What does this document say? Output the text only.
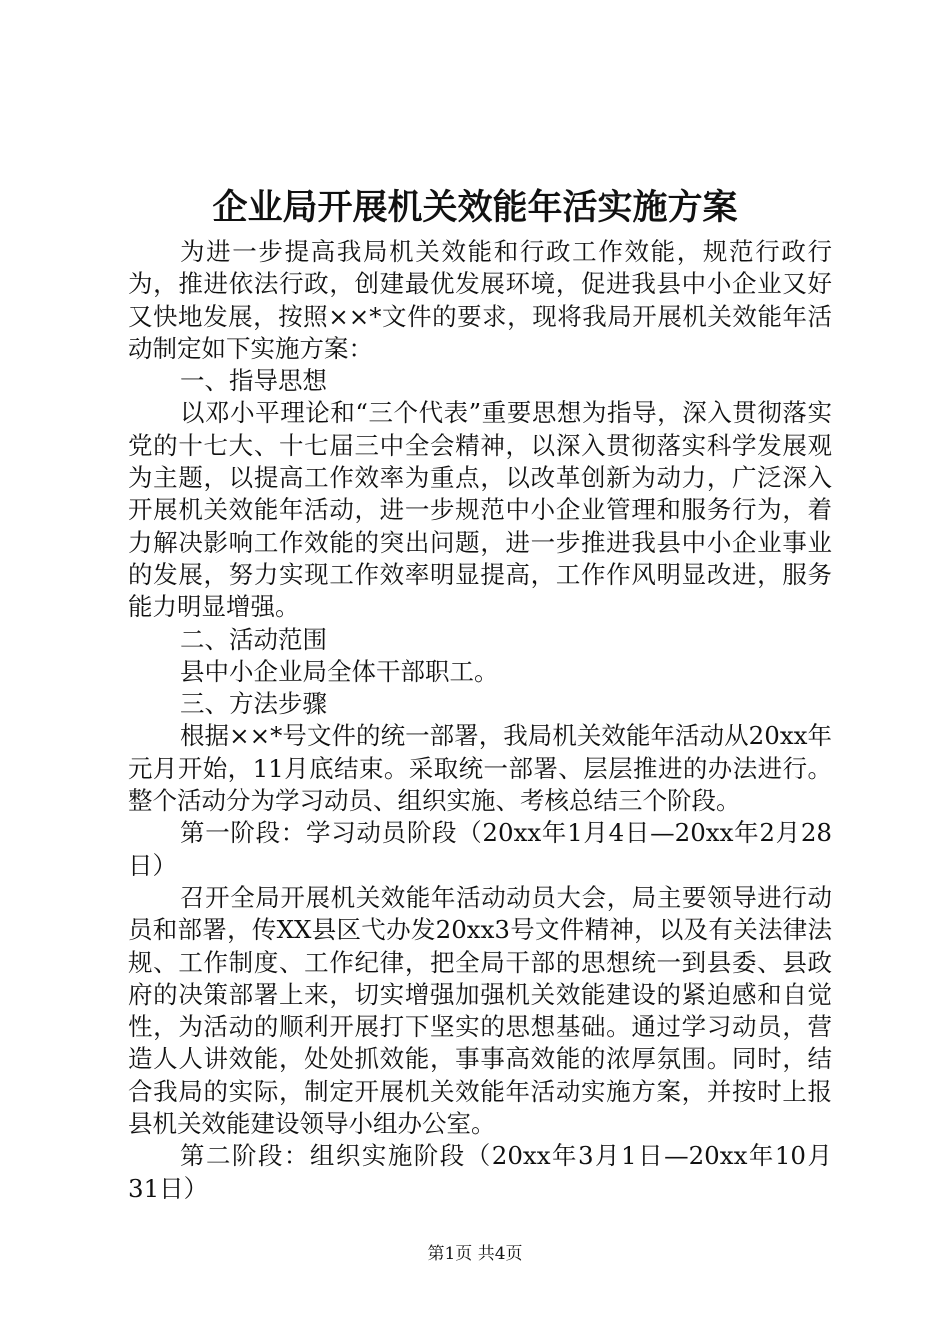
企业局开展机关效能年活实施方案

为进一步提高我局机关效能和行政工作效能，规范行政行为，推进依法行政，创建最优发展环境，促进我县中小企业又好又快地发展，按照××*文件的要求，现将我局开展机关效能年活动制定如下实施方案：

一、指导思想

以邓小平理论和“三个代表”重要思想为指导，深入贯彻落实党的十七大、十七届三中全会精神，以深入贯彻落实科学发展观为主题，以提高工作效率为重点，以改革创新为动力，广泛深入开展机关效能年活动，进一步规范中小企业管理和服务行为，着力解决影响工作效能的突出问题，进一步推进我县中小企业事业的发展，努力实现工作效率明显提高，工作作风明显改进，服务能力明显增强。

二、活动范围

县中小企业局全体干部职工。

三、方法步骤

根据××*号文件的统一部署，我局机关效能年活动从20xx年元月开始，11月底结束。采取统一部署、层层推进的办法进行。整个活动分为学习动员、组织实施、考核总结三个阶段。

第一阶段：学习动员阶段（20xx年1月4日—20xx年2月28日）

召开全局开展机关效能年活动动员大会，局主要领导进行动员和部署，传XX县区弋办发20xx3号文件精神，以及有关法律法规、工作制度、工作纪律，把全局干部的思想统一到县委、县政府的决策部署上来，切实增强加强机关效能建设的紧迫感和自觉性，为活动的顺利开展打下坚实的思想基础。通过学习动员，营造人人讲效能，处处抓效能，事事高效能的浓厚氛围。同时，结合我局的实际，制定开展机关效能年活动实施方案，并按时上报县机关效能建设领导小组办公室。

第二阶段：组织实施阶段（20xx年3月1日—20xx年10月31日）

第1页 共4页
